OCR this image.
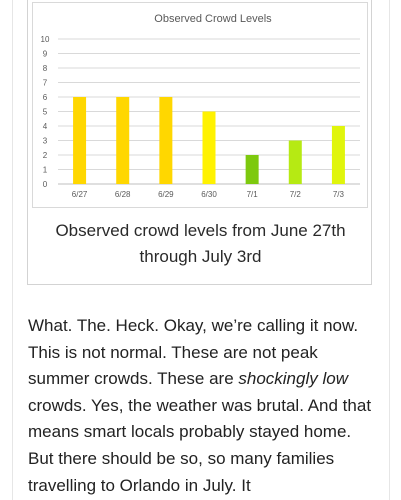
Observed Crowd Levels
0
1
2
3
4
5
6
7
8
9
10
6/27	6/28	6/29	6/30	7/1	7/2	7/3
Observed crowd levels from June 27th
through July 3rd

What. The. Heck. Okay, we’re calling it now. This is not normal. These are not peak summer crowds. These are shockingly low crowds. Yes, the weather was brutal. And that means smart locals probably stayed home. But there should be so, so many families travelling to Orlando in July. It
